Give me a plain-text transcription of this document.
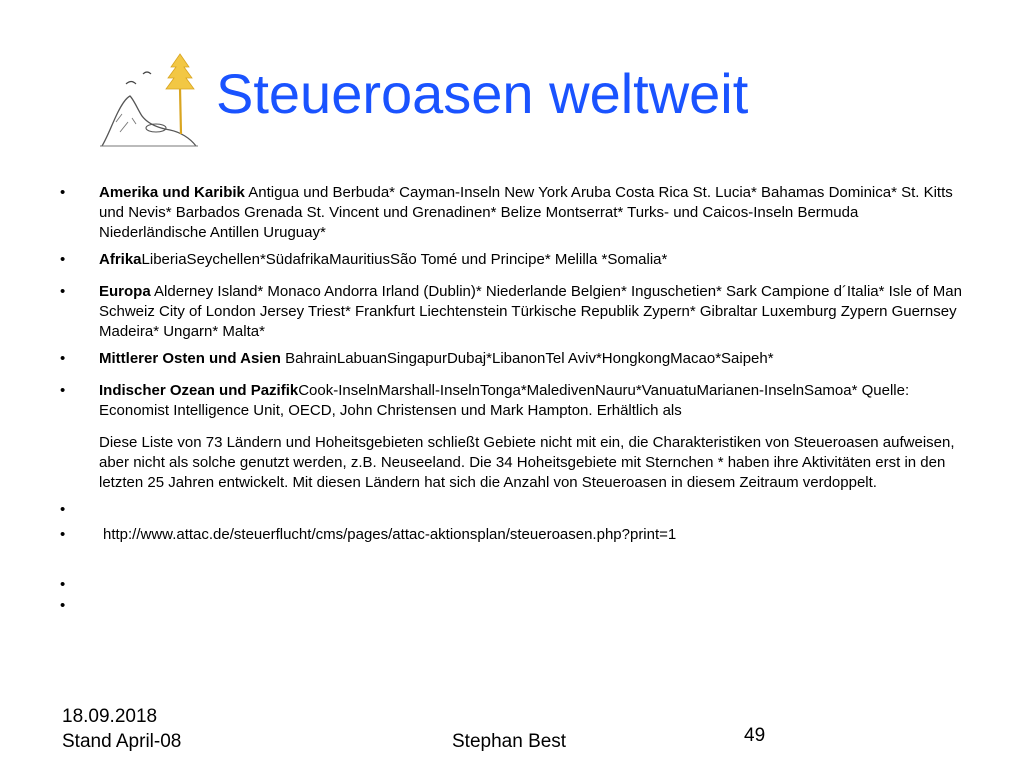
Steueroasen weltweit
• Amerika und Karibik Antigua und Berbuda* Cayman-Inseln New York Aruba Costa Rica St. Lucia* Bahamas Dominica* St. Kitts und Nevis* Barbados Grenada St. Vincent und Grenadinen* Belize Montserrat* Turks- und Caicos-Inseln Bermuda Niederländische Antillen Uruguay*
• AfrikaLiberiaSeychellen*SüdafrikaMauritiusSão Tomé und Principe* Melilla *Somalia*
• Europa Alderney Island* Monaco Andorra Irland (Dublin)* Niederlande Belgien* Inguschetien* Sark Campione d´Italia* Isle of Man Schweiz City of London Jersey Triest* Frankfurt Liechtenstein Türkische Republik Zypern* Gibraltar Luxemburg Zypern Guernsey Madeira* Ungarn* Malta*
• Mittlerer Osten und Asien BahrainLabuanSingapurDubaj*LibanonTel Aviv*HongkongMacao*Saipeh*
• Indischer Ozean und PazifikCook-InselnMarshall-InselnTonga*MaledivenNauru*VanuatuMarianen-InselnSamoa* Quelle: Economist Intelligence Unit, OECD, John Christensen und Mark Hampton. Erhältlich als
Diese Liste von 73 Ländern und Hoheitsgebieten schließt Gebiete nicht mit ein, die Charakteristiken von Steueroasen aufweisen, aber nicht als solche genutzt werden, z.B. Neuseeland. Die 34 Hoheitsgebiete mit Sternchen * haben ihre Aktivitäten erst in den letzten 25 Jahren entwickelt. Mit diesen Ländern hat sich die Anzahl von Steueroasen in diesem Zeitraum verdoppelt.
•
• http://www.attac.de/steuerflucht/cms/pages/attac-aktionsplan/steueroasen.php?print=1
•
•
18.09.2018
Stand April-08	Stephan Best	49
